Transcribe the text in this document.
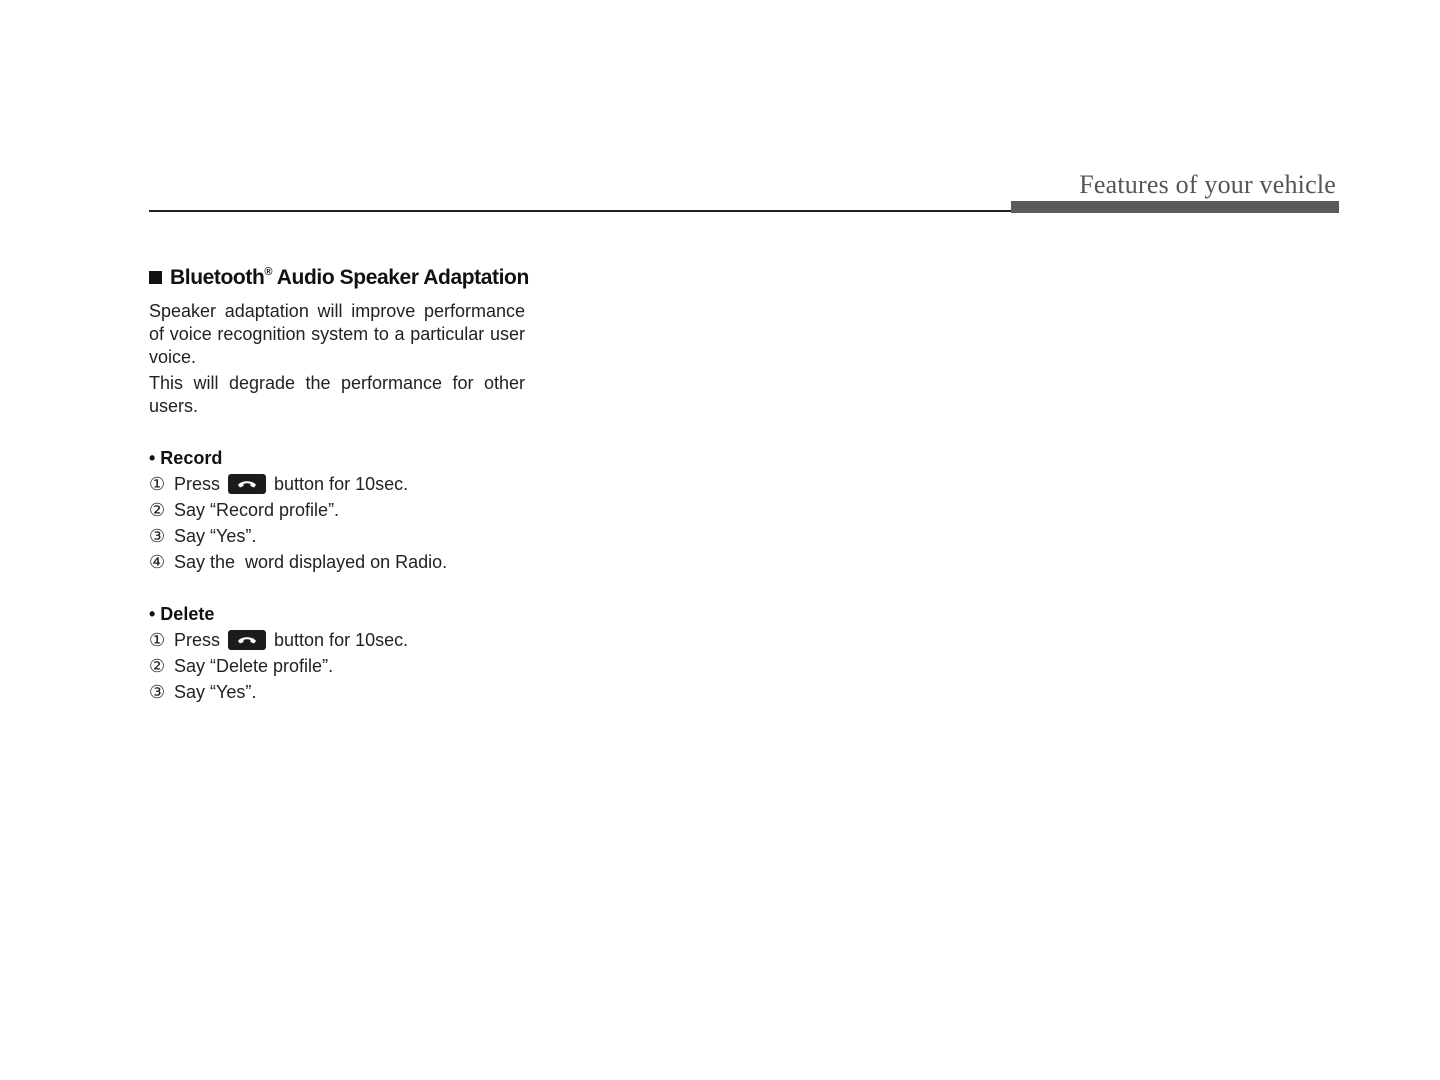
Features of your vehicle
Bluetooth® Audio Speaker Adaptation

Speaker adaptation will improve performance of voice recognition system to a particular user voice.

This will degrade the performance for other users.

• Record
① Press	button for 10sec.
② Say “Record profile”.
③ Say “Yes”.
④ Say the  word displayed on Radio.
• Delete
① Press	button for 10sec.
② Say “Delete profile”.
③ Say “Yes”.
